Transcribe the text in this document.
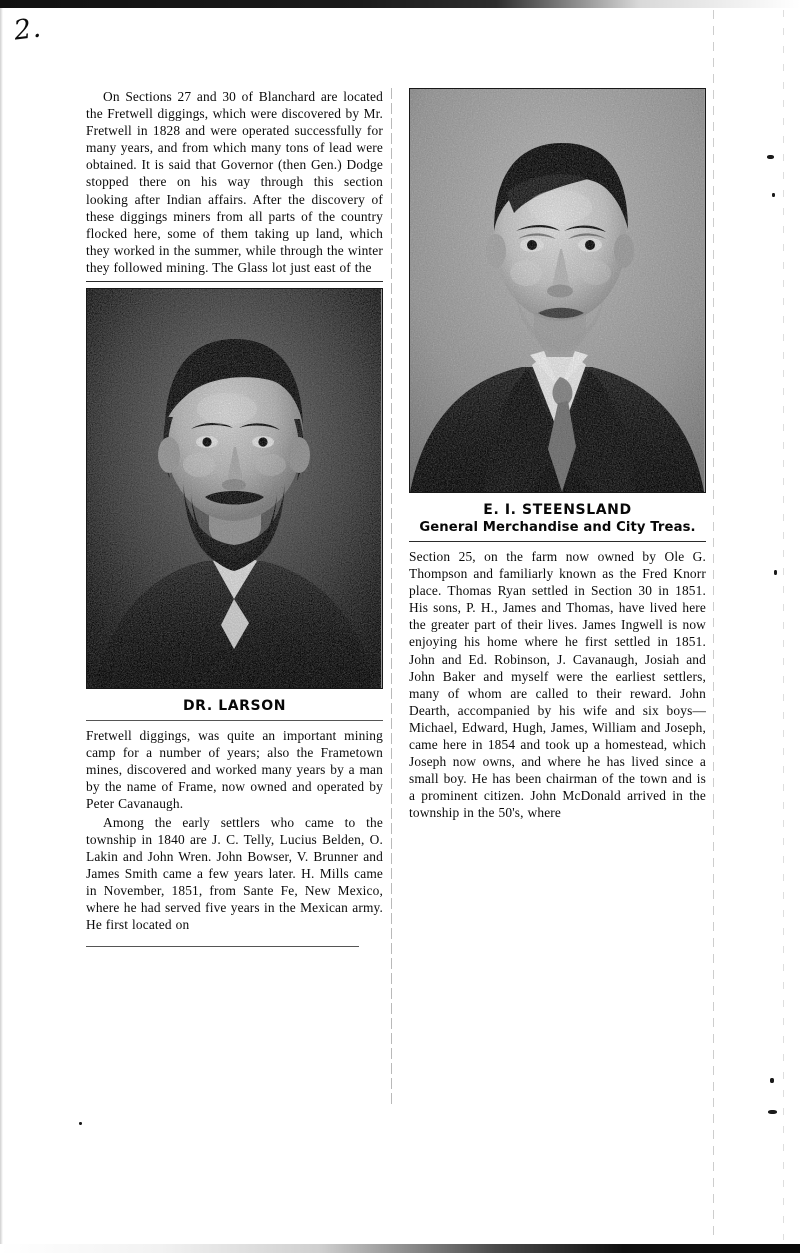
2.

On Sections 27 and 30 of Blanchard are located the Fretwell diggings, which were discovered by Mr. Fretwell in 1828 and were operated successfully for many years, and from which many tons of lead were obtained. It is said that Governor (then Gen.) Dodge stopped there on his way through this section looking after Indian affairs. After the discovery of these diggings miners from all parts of the country flocked here, some of them taking up land, which they worked in the summer, while through the winter they followed mining. The Glass lot just east of the

DR. LARSON

Fretwell diggings, was quite an important mining camp for a number of years; also the Frametown mines, discovered and worked many years by a man by the name of Frame, now owned and operated by Peter Cavanaugh.

Among the early settlers who came to the township in 1840 are J. C. Telly, Lucius Belden, O. Lakin and John Wren. John Bowser, V. Brunner and James Smith came a few years later. H. Mills came in November, 1851, from Sante Fe, New Mexico, where he had served five years in the Mexican army. He first located on

E. I. STEENSLAND
General Merchandise and City Treas.

Section 25, on the farm now owned by Ole G. Thompson and familiarly known as the Fred Knorr place. Thomas Ryan settled in Section 30 in 1851. His sons, P. H., James and Thomas, have lived here the greater part of their lives. James Ingwell is now enjoying his home where he first settled in 1851. John and Ed. Robinson, J. Cavanaugh, Josiah and John Baker and myself were the earliest settlers, many of whom are called to their reward. John Dearth, accompanied by his wife and six boys—Michael, Edward, Hugh, James, William and Joseph, came here in 1854 and took up a homestead, which Joseph now owns, and where he has lived since a small boy. He has been chairman of the town and is a prominent citizen. John McDonald arrived in the township in the 50's, where
